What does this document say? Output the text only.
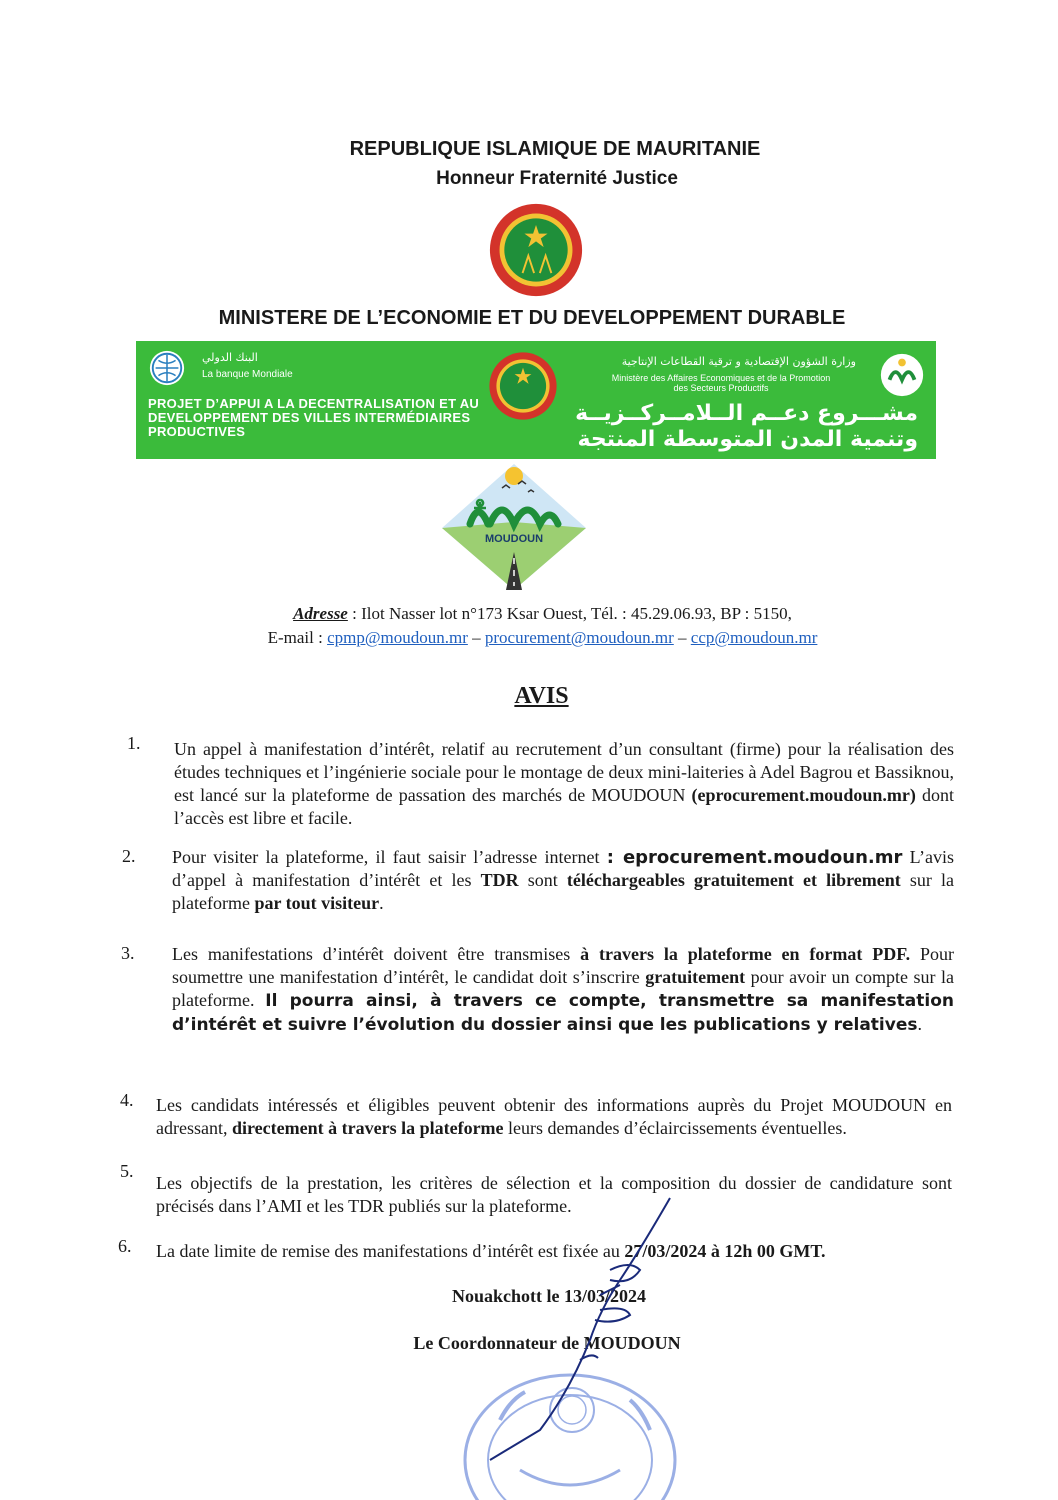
REPUBLIQUE ISLAMIQUE DE MAURITANIE
Honneur Fraternité Justice
MINISTERE DE L’ECONOMIE ET DU DEVELOPPEMENT DURABLE
البنك الدولي
La banque Mondiale
PROJET D’APPUI A LA DECENTRALISATION ET AU DEVELOPPEMENT DES VILLES INTERMÉDIAIRES PRODUCTIVES
وزارة الشؤون الإقتصادية و ترقية القطاعات الإنتاجية
Ministère des Affaires Economiques et de la Promotion des Secteurs Productifs
مشـــروع دعــم الــلامــركــزيــة وتنمية المدن المتوسطة المنتجة
MOUDOUN
Adresse : Ilot Nasser lot n°173 Ksar Ouest, Tél. : 45.29.06.93, BP : 5150,
E-mail : cpmp@moudoun.mr – procurement@moudoun.mr – ccp@moudoun.mr
AVIS
1. Un appel à manifestation d’intérêt, relatif au recrutement d’un consultant (firme) pour la réalisation des études techniques et l’ingénierie sociale pour le montage de deux mini-laiteries à Adel Bagrou et Bassiknou, est lancé sur la plateforme de passation des marchés de MOUDOUN (eprocurement.moudoun.mr) dont l’accès est libre et facile.
2. Pour visiter la plateforme, il faut saisir l’adresse internet : eprocurement.moudoun.mr L’avis d’appel à manifestation d’intérêt et les TDR sont téléchargeables gratuitement et librement sur la plateforme par tout visiteur.
3. Les manifestations d’intérêt doivent être transmises à travers la plateforme en format PDF. Pour soumettre une manifestation d’intérêt, le candidat doit s’inscrire gratuitement pour avoir un compte sur la plateforme. Il pourra ainsi, à travers ce compte, transmettre sa manifestation d’intérêt et suivre l’évolution du dossier ainsi que les publications y relatives.
4. Les candidats intéressés et éligibles peuvent obtenir des informations auprès du Projet MOUDOUN en adressant, directement à travers la plateforme leurs demandes d’éclaircissements éventuelles.
5.
Les objectifs de la prestation, les critères de sélection et la composition du dossier de candidature sont précisés dans l’AMI et les TDR publiés sur la plateforme.
6. La date limite de remise des manifestations d’intérêt est fixée au 27/03/2024 à 12h 00 GMT.
Nouakchott le 13/03/2024
Le Coordonnateur de MOUDOUN
